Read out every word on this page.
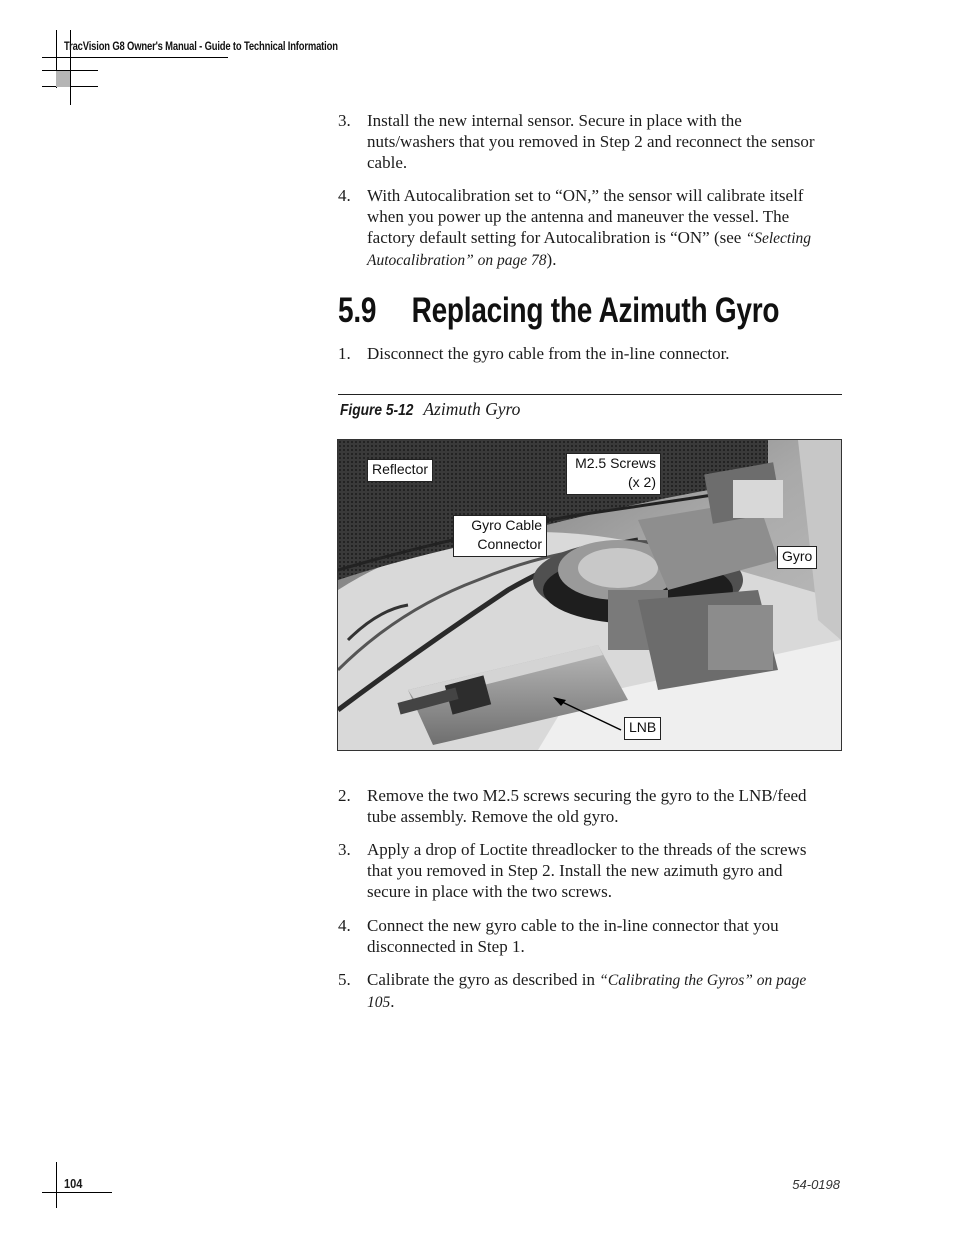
TracVision G8 Owner's Manual - Guide to Technical Information
3. Install the new internal sensor. Secure in place with the nuts/washers that you removed in Step 2 and reconnect the sensor cable.
4. With Autocalibration set to “ON,” the sensor will calibrate itself when you power up the antenna and maneuver the vessel. The factory default setting for Autocalibration is “ON” (see “Selecting Autocalibration” on page 78).
5.9 Replacing the Azimuth Gyro
1. Disconnect the gyro cable from the in-line connector.
Figure 5-12 Azimuth Gyro
Reflector	M2.5 Screws
(x 2)
Gyro Cable
Connector
Gyro
LNB
2. Remove the two M2.5 screws securing the gyro to the LNB/feed tube assembly. Remove the old gyro.
3. Apply a drop of Loctite threadlocker to the threads of the screws that you removed in Step 2. Install the new azimuth gyro and secure in place with the two screws.
4. Connect the new gyro cable to the in-line connector that you disconnected in Step 1.
5. Calibrate the gyro as described in “Calibrating the Gyros” on page 105.
104	54-0198
